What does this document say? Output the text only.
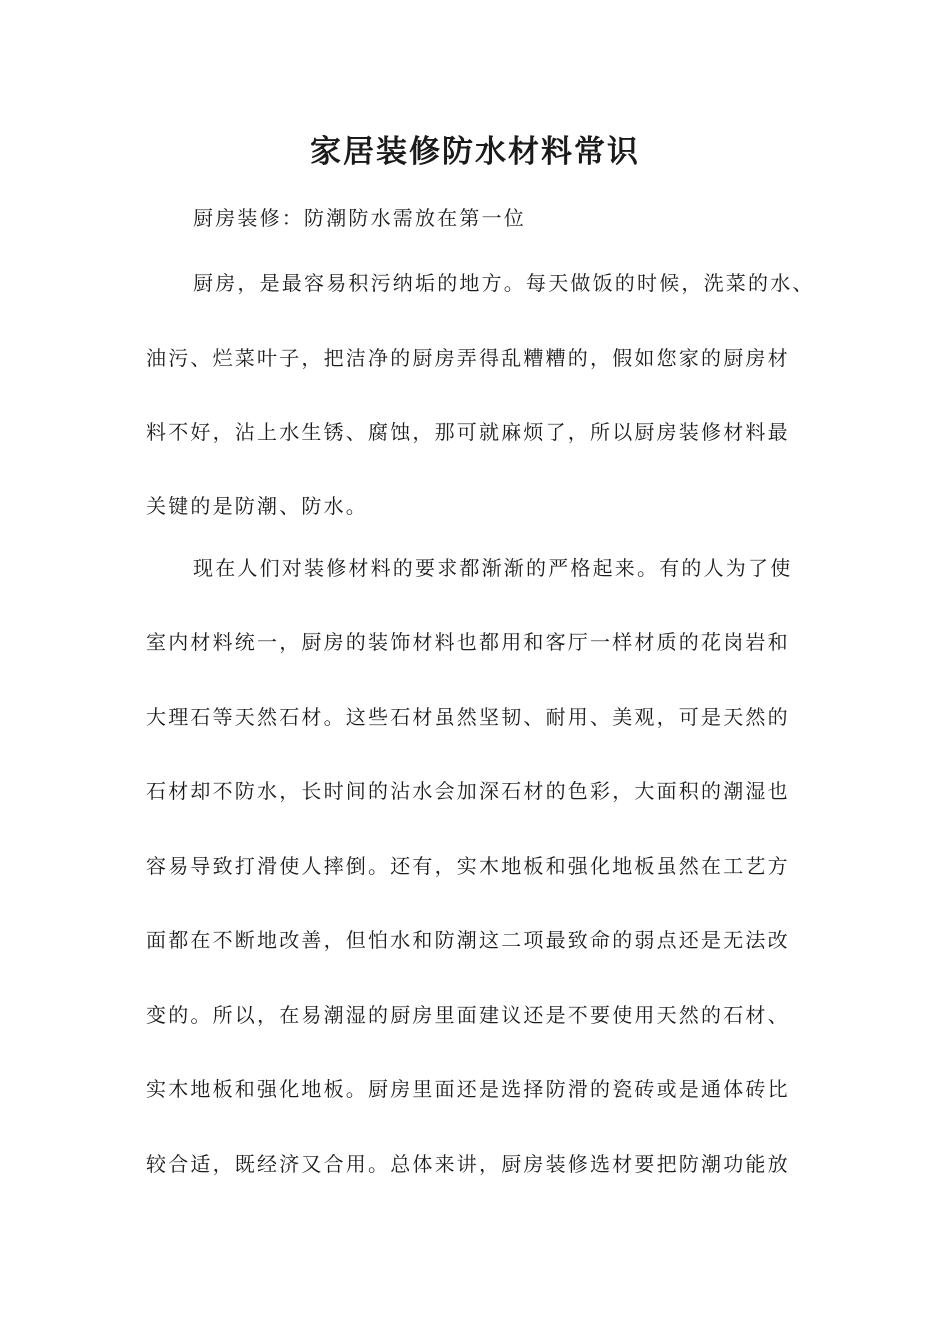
家居装修防水材料常识

厨房装修：防潮防水需放在第一位

厨房，是最容易积污纳垢的地方。每天做饭的时候，洗菜的水、

油污、烂菜叶子，把洁净的厨房弄得乱糟糟的，假如您家的厨房材

料不好，沾上水生锈、腐蚀，那可就麻烦了，所以厨房装修材料最

关键的是防潮、防水。

现在人们对装修材料的要求都渐渐的严格起来。有的人为了使

室内材料统一，厨房的装饰材料也都用和客厅一样材质的花岗岩和

大理石等天然石材。这些石材虽然坚韧、耐用、美观，可是天然的

石材却不防水，长时间的沾水会加深石材的色彩，大面积的潮湿也

容易导致打滑使人摔倒。还有，实木地板和强化地板虽然在工艺方

面都在不断地改善，但怕水和防潮这二项最致命的弱点还是无法改

变的。所以，在易潮湿的厨房里面建议还是不要使用天然的石材、

实木地板和强化地板。厨房里面还是选择防滑的瓷砖或是通体砖比

较合适，既经济又合用。总体来讲，厨房装修选材要把防潮功能放
